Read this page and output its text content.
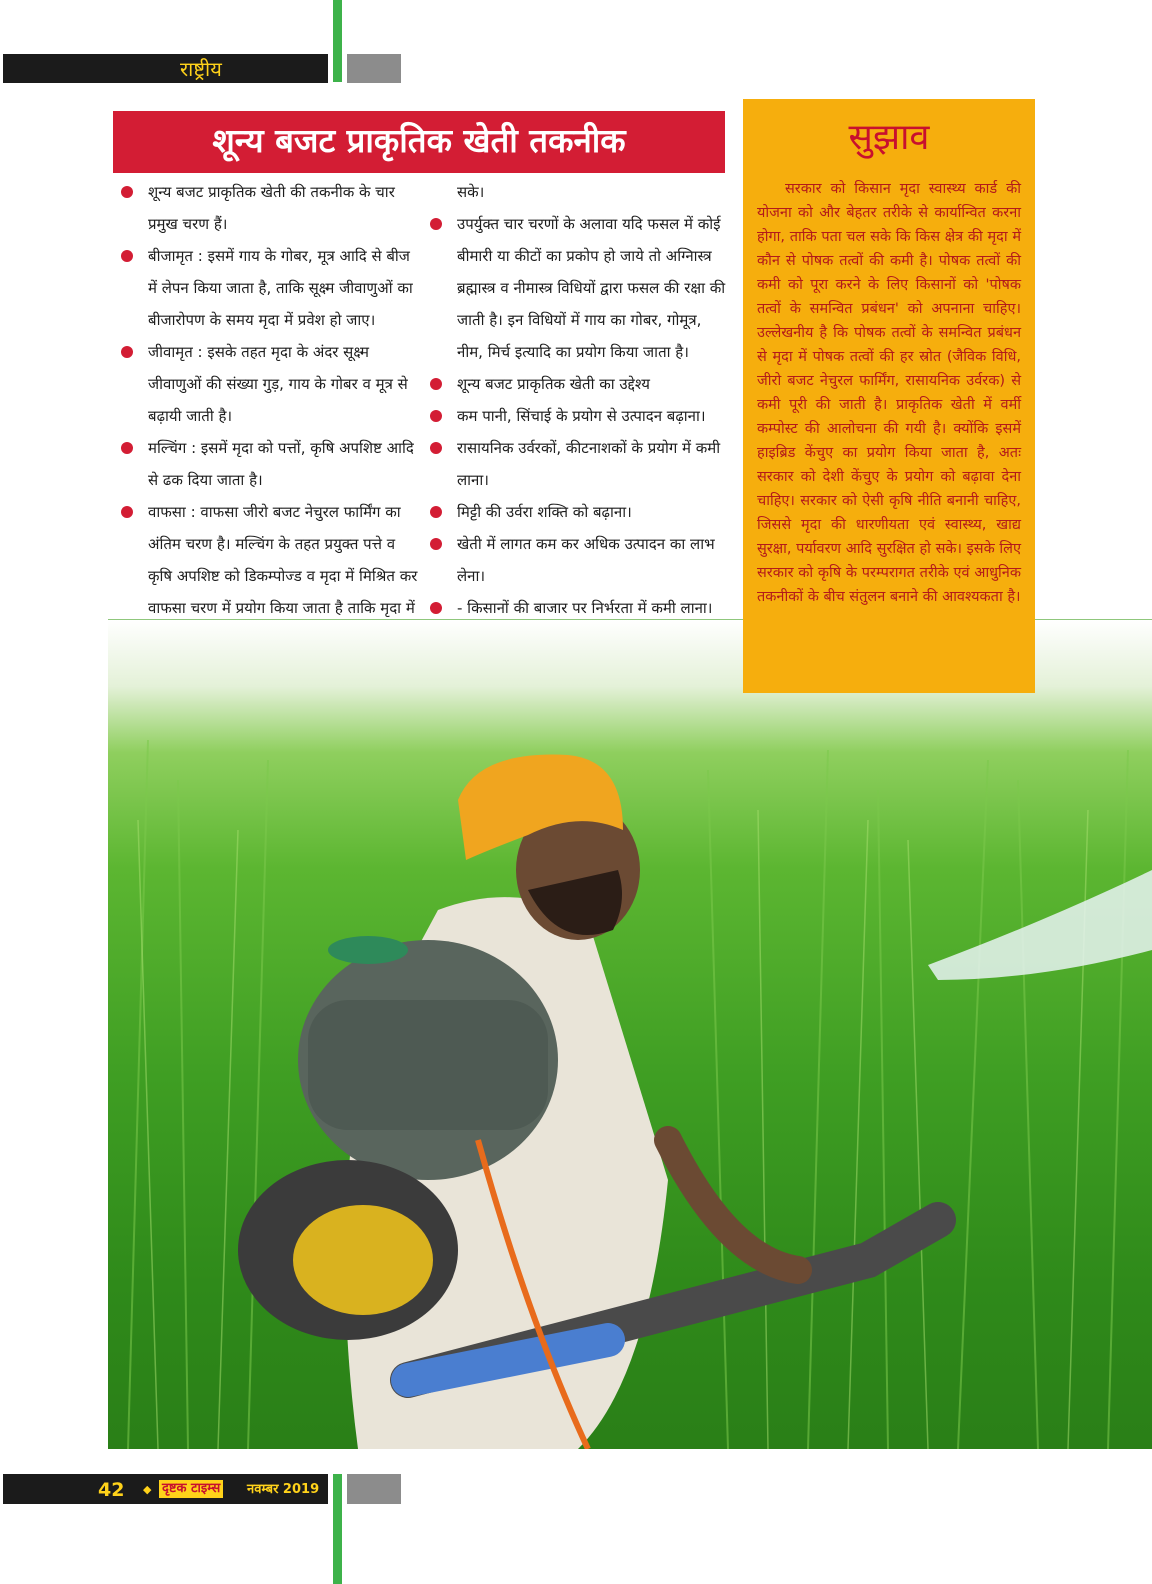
राष्ट्रीय
शून्य बजट प्राकृतिक खेती तकनीक
शून्य बजट प्राकृतिक खेती की तकनीक के चार प्रमुख चरण हैं।
बीजामृत : इसमें गाय के गोबर, मूत्र आदि से बीज में लेपन किया जाता है, ताकि सूक्ष्म जीवाणुओं का बीजारोपण के समय मृदा में प्रवेश हो जाए।
जीवामृत : इसके तहत मृदा के अंदर सूक्ष्म जीवाणुओं की संख्या गुड़, गाय के गोबर व मूत्र से बढ़ायी जाती है।
मल्चिंग : इसमें मृदा को पत्तों, कृषि अपशिष्ट आदि से ढक दिया जाता है।
वाफसा : वाफसा जीरो बजट नेचुरल फार्मिंग का अंतिम चरण है। मल्चिंग के तहत प्रयुक्त पत्ते व कृषि अपशिष्ट को डिकम्पोज्ड व मृदा में मिश्रित कर वाफसा चरण में प्रयोग किया जाता है ताकि मृदा में
सके।
उपर्युक्त चार चरणों के अलावा यदि फसल में कोई बीमारी या कीटों का प्रकोप हो जाये तो अग्निास्त्र ब्रह्मास्त्र व नीमास्त्र विधियों द्वारा फसल की रक्षा की जाती है। इन विधियों में गाय का गोबर, गोमूत्र, नीम, मिर्च इत्यादि का प्रयोग किया जाता है।
शून्य बजट प्राकृतिक खेती का उद्देश्य
कम पानी, सिंचाई के प्रयोग से उत्पादन बढ़ाना।
रासायनिक उर्वरकों, कीटनाशकों के प्रयोग में कमी लाना।
मिट्टी की उर्वरा शक्ति को बढ़ाना।
खेती में लागत कम कर अधिक उत्पादन का लाभ लेना।
- किसानों की बाजार पर निर्भरता में कमी लाना।
सुझाव

सरकार को किसान मृदा स्वास्थ्य कार्ड की योजना को और बेहतर तरीके से कार्यान्वित करना होगा, ताकि पता चल सके कि किस क्षेत्र की मृदा में कौन से पोषक तत्वों की कमी है। पोषक तत्वों की कमी को पूरा करने के लिए किसानों को 'पोषक तत्वों के समन्वित प्रबंधन' को अपनाना चाहिए। उल्लेखनीय है कि पोषक तत्वों के समन्वित प्रबंधन से मृदा में पोषक तत्वों की हर स्रोत (जैविक विधि, जीरो बजट नेचुरल फार्मिंग, रासायनिक उर्वरक) से कमी पूरी की जाती है। प्राकृतिक खेती में वर्मी कम्पोस्ट की आलोचना की गयी है। क्योंकि इसमें हाइब्रिड केंचुए का प्रयोग किया जाता है, अतः सरकार को देशी केंचुए के प्रयोग को बढ़ावा देना चाहिए। सरकार को ऐसी कृषि नीति बनानी चाहिए, जिससे मृदा की धारणीयता एवं स्वास्थ्य, खाद्य सुरक्षा, पर्यावरण आदि सुरक्षित हो सके। इसके लिए सरकार को कृषि के परम्परागत तरीके एवं आधुनिक तकनीकों के बीच संतुलन बनाने की आवश्यकता है।

42 ◆ दृष्टक टाइम्स नवम्बर 2019
